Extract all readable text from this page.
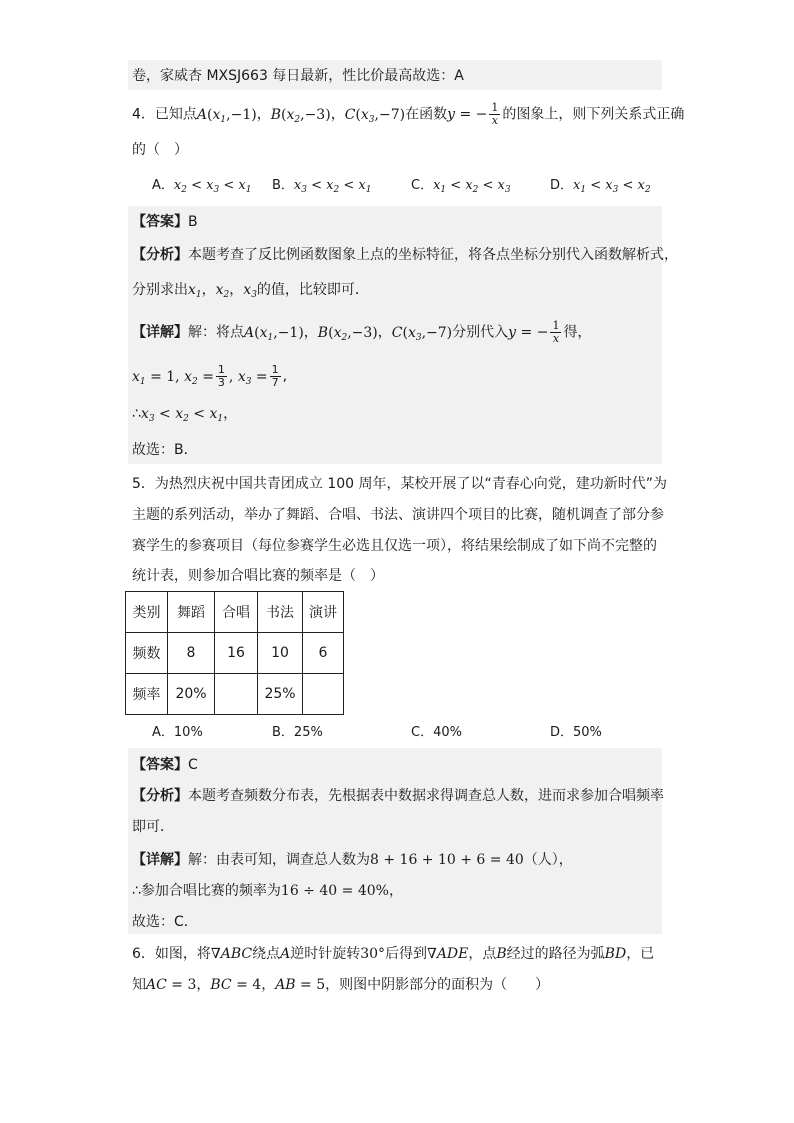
卷，家威杏 MXSJ663 每日最新，性比价最高故选：A
4．已知点$A(x_1,-1)$，$B(x_2,-3)$，$C(x_3,-7)$在函数y = − $\frac{1}{x}$ 的图象上，则下列关系式正确
的（　）
A．$x_2 < x_3 < x_1$ B．$x_3 < x_2 < x_1$	C．$x_1 < x_2 < x_3$	D．$x_1 < x_3 < x_2$
【答案】B
【分析】本题考查了反比例函数图象上点的坐标特征，将各点坐标分别代入函数解析式，
分别求出$x_1$，$x_2$，$x_3$的值，比较即可．
【详解】解：将点$A(x_1,-1)$，$B(x_2,-3)$，$C(x_3,-7)$分别代入y = − $\frac{1}{x}$ 得，
$x_1 = 1$, $x_2 = \frac{1}{3}$ , $x_3 = \frac{1}{7}$ ,
$\therefore x_3 < x_2 < x_1$，
故选：B．
5．为热烈庆祝中国共青团成立 100 周年，某校开展了以“青春心向党，建功新时代”为
主题的系列活动，举办了舞蹈、合唱、书法、演讲四个项目的比赛，随机调查了部分参
赛学生的参赛项目（每位参赛学生必选且仅选一项），将结果绘制成了如下尚不完整的
统计表，则参加合唱比赛的频率是（　）
类别	舞蹈	合唱	书法	演讲
频数	8	16	10	6
频率	20%		25%	
A．10%	B．25%	C．40%	D．50%
【答案】C
【分析】本题考查频数分布表，先根据表中数据求得调查总人数，进而求参加合唱频率
即可．
【详解】解：由表可知，调查总人数为8 + 16 + 10 + 6 = 40（人），
∴参加合唱比赛的频率为16 ÷ 40 = 40%，
故选：C．
6．如图，将∇ABC绕点A逆时针旋转30°后得到∇ADE，点B经过的路径为弧BD，已
知AC = 3，BC = 4，AB = 5，则图中阴影部分的面积为（　　）
